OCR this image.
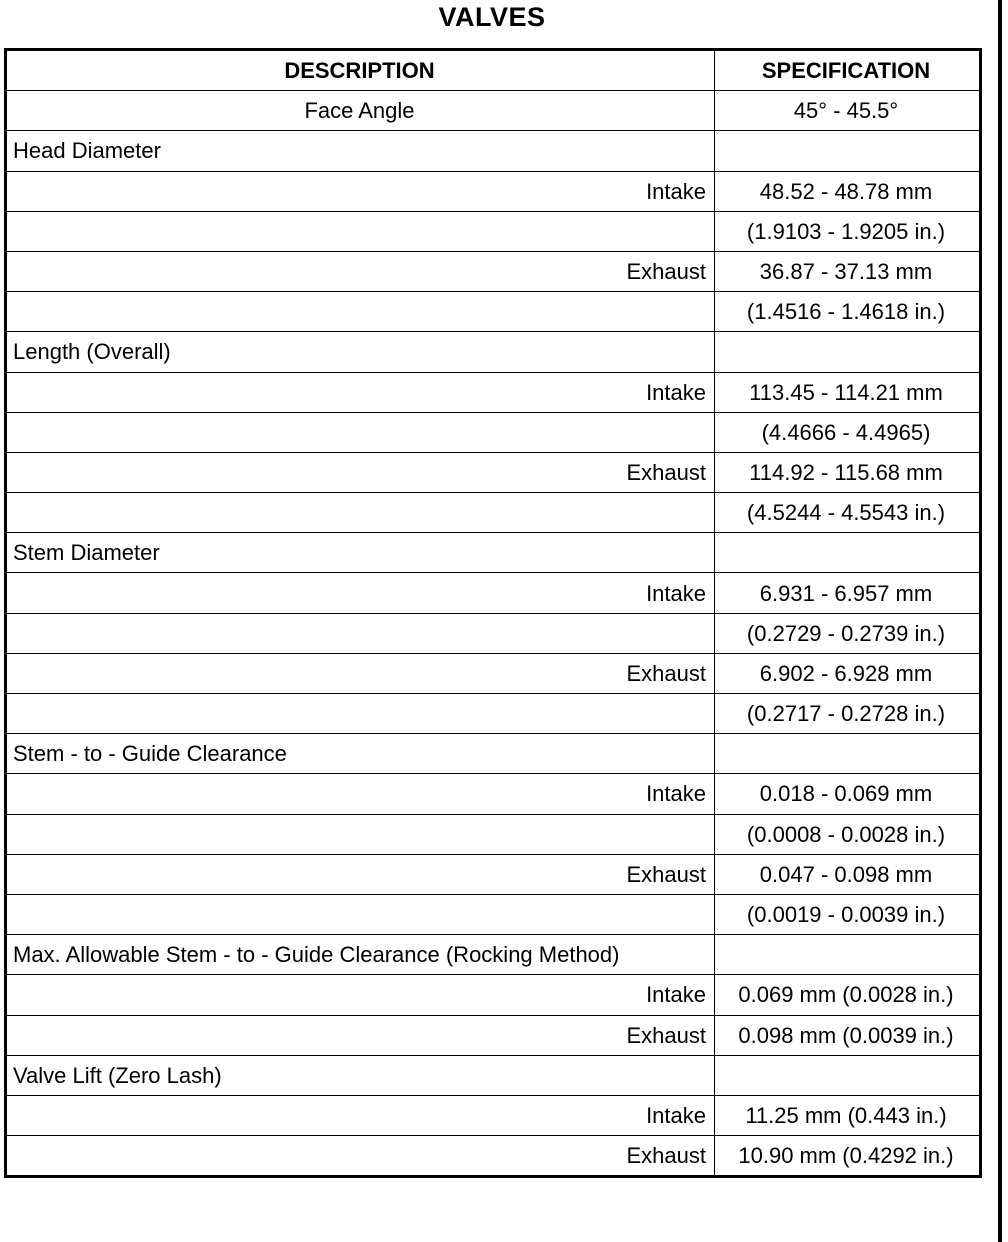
VALVES
DESCRIPTION	SPECIFICATION
Face Angle	45° - 45.5°
Head Diameter	
Intake	48.52 - 48.78 mm
	(1.9103 - 1.9205 in.)
Exhaust	36.87 - 37.13 mm
	(1.4516 - 1.4618 in.)
Length (Overall)	
Intake	113.45 - 114.21 mm
	(4.4666 - 4.4965)
Exhaust	114.92 - 115.68 mm
	(4.5244 - 4.5543 in.)
Stem Diameter	
Intake	6.931 - 6.957 mm
	(0.2729 - 0.2739 in.)
Exhaust	6.902 - 6.928 mm
	(0.2717 - 0.2728 in.)
Stem - to - Guide Clearance	
Intake	0.018 - 0.069 mm
	(0.0008 - 0.0028 in.)
Exhaust	0.047 - 0.098 mm
	(0.0019 - 0.0039 in.)
Max. Allowable Stem - to - Guide Clearance (Rocking Method)	
Intake	0.069 mm (0.0028 in.)
Exhaust	0.098 mm (0.0039 in.)
Valve Lift (Zero Lash)	
Intake	11.25 mm (0.443 in.)
Exhaust	10.90 mm (0.4292 in.)
